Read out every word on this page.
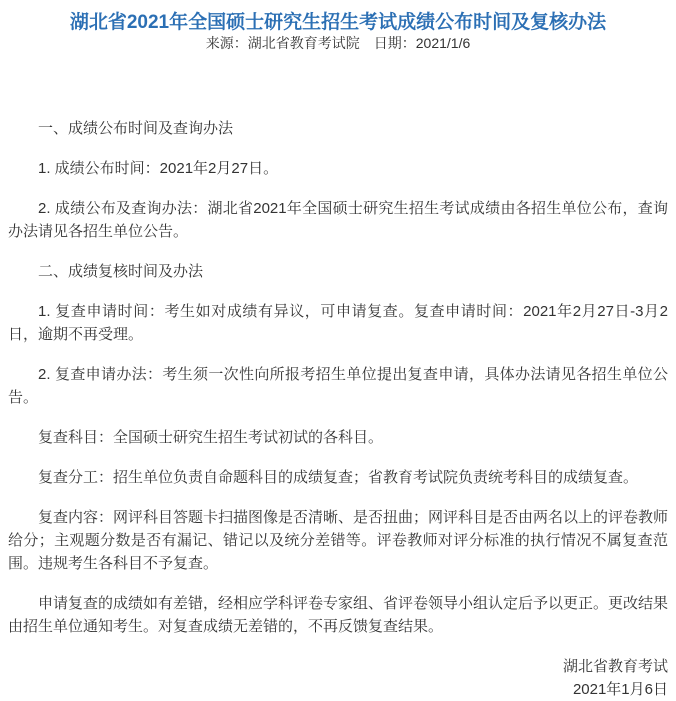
湖北省2021年全国硕士研究生招生考试成绩公布时间及复核办法
来源：湖北省教育考试院 日期：2021/1/6

一、成绩公布时间及查询办法

1. 成绩公布时间：2021年2月27日。

2. 成绩公布及查询办法：湖北省2021年全国硕士研究生招生考试成绩由各招生单位公布，查询办法请见各招生单位公告。

二、成绩复核时间及办法

1. 复查申请时间：考生如对成绩有异议，可申请复查。复查申请时间：2021年2月27日-3月2日，逾期不再受理。

2. 复查申请办法：考生须一次性向所报考招生单位提出复查申请，具体办法请见各招生单位公告。

复查科目：全国硕士研究生招生考试初试的各科目。

复查分工：招生单位负责自命题科目的成绩复查；省教育考试院负责统考科目的成绩复查。

复查内容：网评科目答题卡扫描图像是否清晰、是否扭曲；网评科目是否由两名以上的评卷教师给分；主观题分数是否有漏记、错记以及统分差错等。评卷教师对评分标准的执行情况不属复查范围。违规考生各科目不予复查。

申请复查的成绩如有差错，经相应学科评卷专家组、省评卷领导小组认定后予以更正。更改结果由招生单位通知考生。对复查成绩无差错的，不再反馈复查结果。

湖北省教育考试

2021年1月6日
